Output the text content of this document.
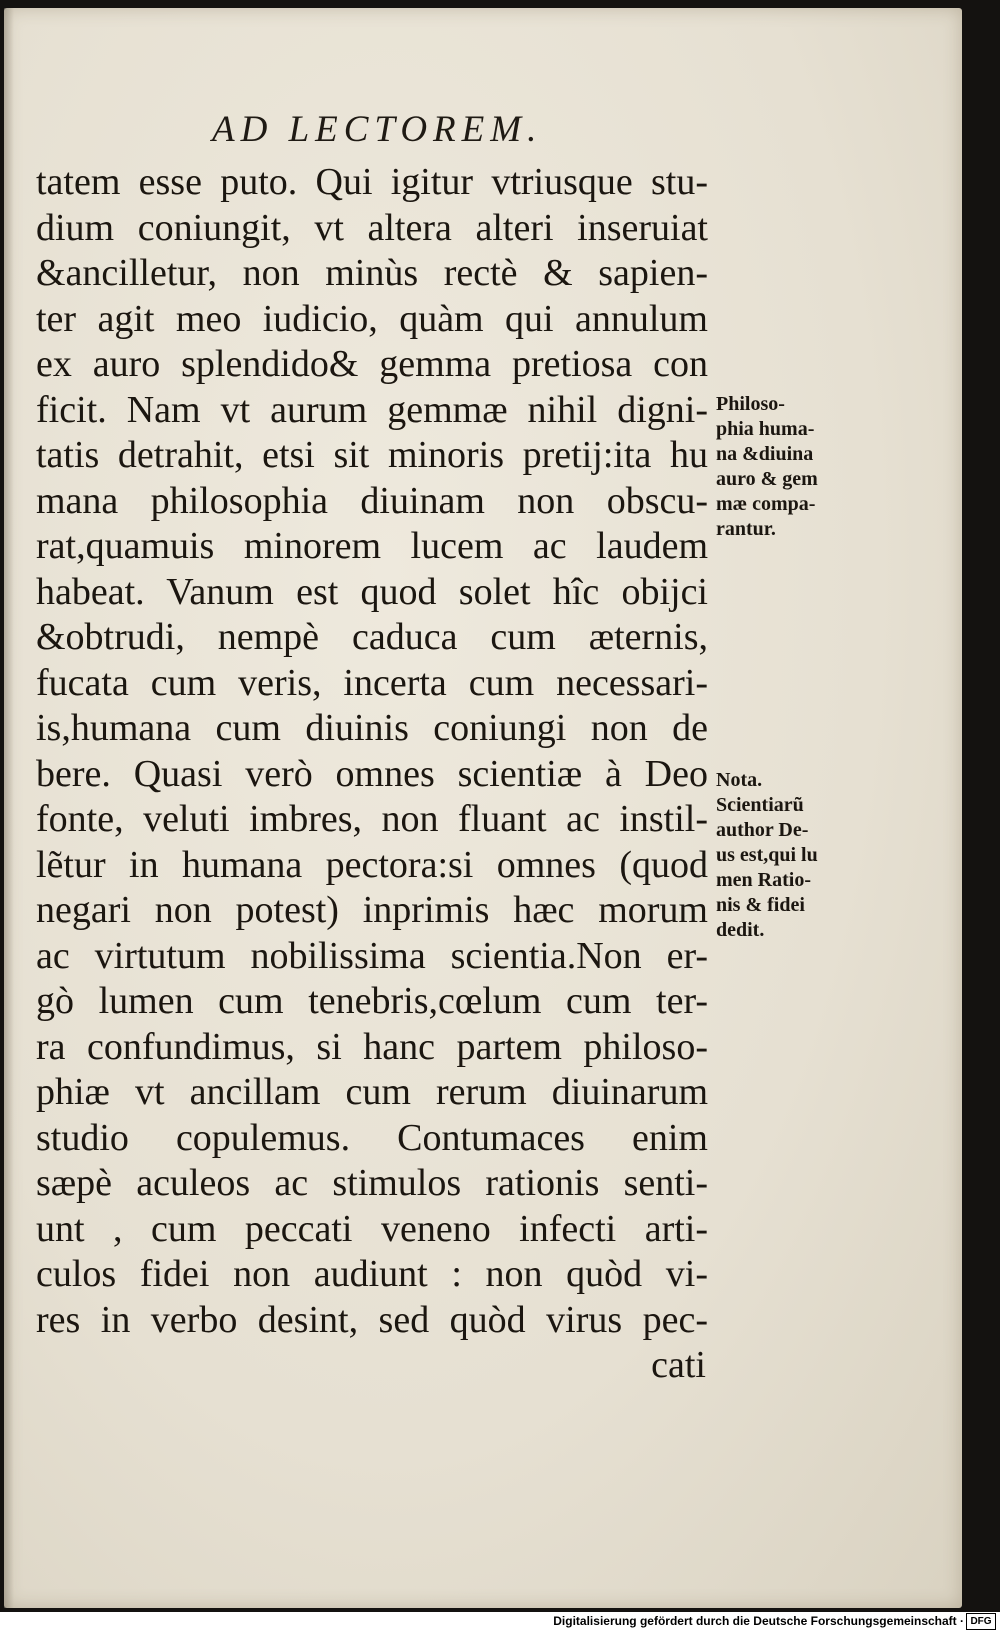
AD LECTOREM.
tatem esse puto. Qui igitur vtriusque stu-
dium coniungit, vt altera alteri inseruiat
&ancilletur, non minùs rectè & sapien-
ter agit meo iudicio, quàm qui annulum
ex auro splendido& gemma pretiosa con
ficit. Nam vt aurum gemmæ nihil digni-
tatis detrahit, etsi sit minoris pretij:ita hu
mana philosophia diuinam non obscu-
rat,quamuis minorem lucem ac laudem
habeat. Vanum est quod solet hîc obijci
&obtrudi, nempè caduca cum æternis,
fucata cum veris, incerta cum necessari-
is,humana cum diuinis coniungi non de
bere. Quasi verò omnes scientiæ à Deo
fonte, veluti imbres, non fluant ac instil-
lẽtur in humana pectora:si omnes (quod
negari non potest) inprimis hæc morum
ac virtutum nobilissima scientia.Non er-
gò lumen cum tenebris,cœlum cum ter-
ra confundimus, si hanc partem philoso-
phiæ vt ancillam cum rerum diuinarum
studio copulemus. Contumaces enim
sæpè aculeos ac stimulos rationis senti-
unt , cum peccati veneno infecti arti-
culos fidei non audiunt : non quòd vi-
res in verbo desint, sed quòd virus pec-
cati
Philoso-
phia huma-
na &diuina
auro & gem
mæ compa-
rantur.
Nota.
Scientiarũ
author De-
us est,qui lu
men Ratio-
nis & fidei
dedit.
Digitalisierung gefördert durch die Deutsche Forschungsgemeinschaft · DFG
